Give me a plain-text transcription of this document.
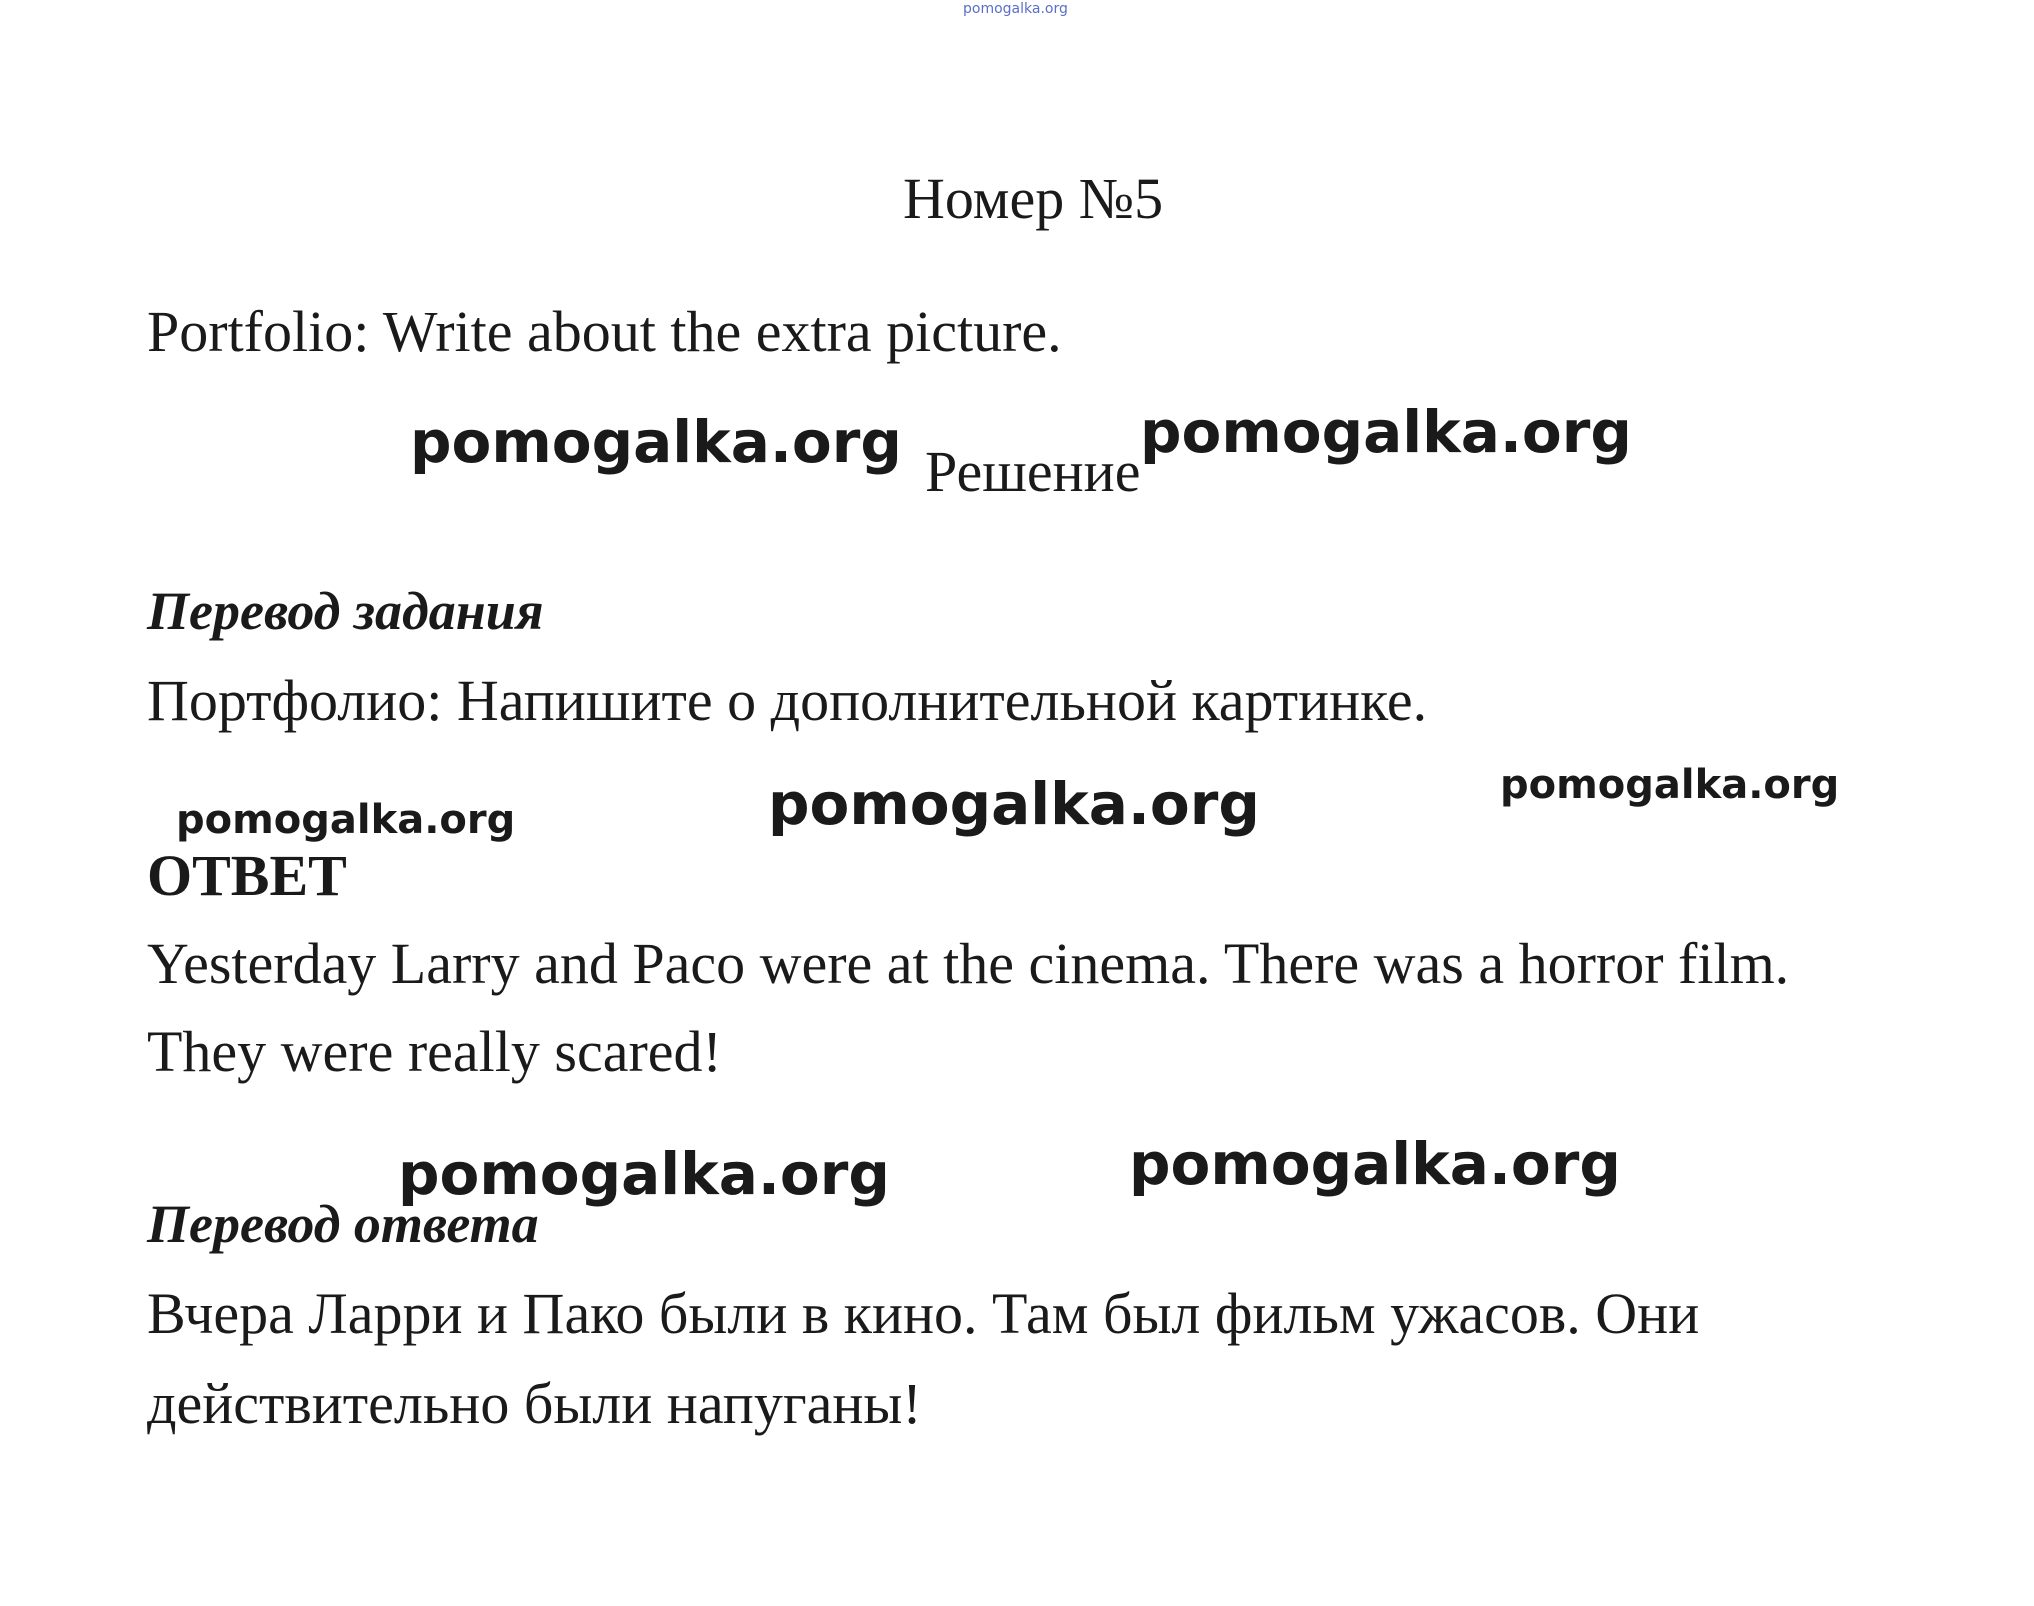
pomogalka.org
Номер №5
Portfolio: Write about the extra picture.
pomogalka.org Решение
pomogalka.org
Перевод задания
Портфолио: Напишите о дополнительной картинке.
pomogalka.org	pomogalka.org	pomogalka.org
ОТВЕТ
Yesterday Larry and Paco were at the cinema. There was a horror film.
They were really scared!
pomogalka.org	pomogalka.org
Перевод ответа
Вчера Ларри и Пако были в кино. Там был фильм ужасов. Они
действительно были напуганы!
